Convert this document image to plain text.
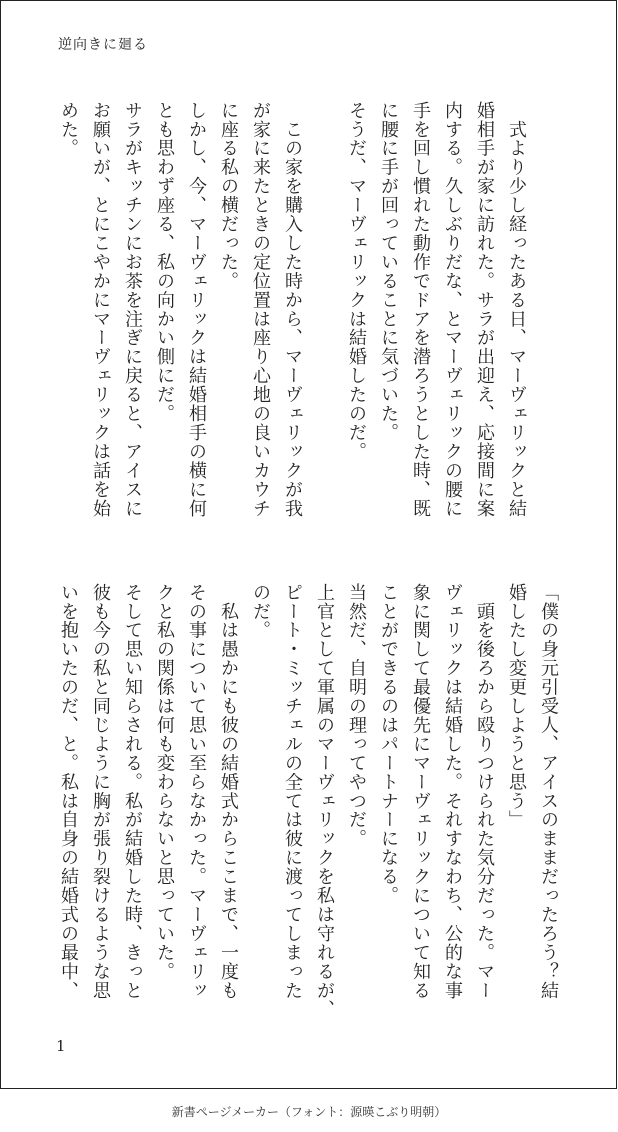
逆向きに廻る
　式より少し経ったある日、マーヴェリックと結
婚相手が家に訪れた。サラが出迎え、応接間に案
内する。久しぶりだな、とマーヴェリックの腰に
手を回し慣れた動作でドアを潜ろうとした時、既
に腰に手が回っていることに気づいた。
そうだ、マーヴェリックは結婚したのだ。
　この家を購入した時から、マーヴェリックが我
が家に来たときの定位置は座り心地の良いカウチ
に座る私の横だった。
しかし、今、マーヴェリックは結婚相手の横に何
とも思わず座る、私の向かい側にだ。
サラがキッチンにお茶を注ぎに戻ると、アイスに
お願いが、とにこやかにマーヴェリックは話を始
めた。
「僕の身元引受人、アイスのままだったろう？結
婚したし変更しようと思う」
　頭を後ろから殴りつけられた気分だった。マー
ヴェリックは結婚した。それすなわち、公的な事
象に関して最優先にマーヴェリックについて知る
ことができるのはパートナーになる。
当然だ、自明の理ってやつだ。
上官として軍属のマーヴェリックを私は守れるが、
ピート・ミッチェルの全ては彼に渡ってしまった
のだ。
　私は愚かにも彼の結婚式からここまで、一度も
その事について思い至らなかった。マーヴェリッ
クと私の関係は何も変わらないと思っていた。
そして思い知らされる。私が結婚した時、きっと
彼も今の私と同じように胸が張り裂けるような思
いを抱いたのだ、と。私は自身の結婚式の最中、
1
新書ページメーカー（フォント：源暎こぶり明朝）
